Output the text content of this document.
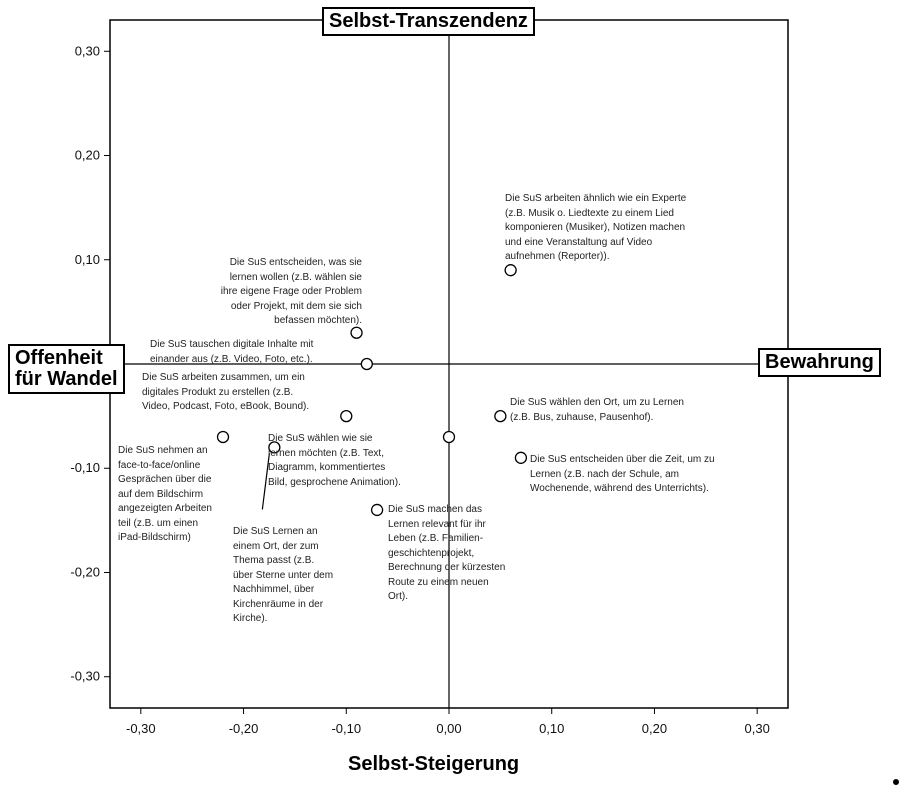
-0,30	-0,20	-0,10	0,00	0,10	0,20	0,30
0,30
0,20
0,10
-0,10
-0,20
-0,30
Selbst-Transzendenz
Offenheit
für Wandel
Bewahrung
Selbst-Steigerung
Die SuS arbeiten ähnlich wie ein Experte
(z.B. Musik o. Liedtexte zu einem Lied
komponieren (Musiker), Notizen machen
und eine Veranstaltung auf Video
aufnehmen (Reporter)).
Die SuS entscheiden, was sie
lernen wollen (z.B. wählen sie
ihre eigene Frage oder Problem
oder Projekt, mit dem sie sich
befassen möchten).
Die SuS tauschen digitale Inhalte mit
einander aus (z.B. Video, Foto, etc.).
Die SuS arbeiten zusammen, um ein
digitales Produkt zu erstellen (z.B.
Video, Podcast, Foto, eBook, Bound).	Die SuS wählen den Ort, um zu Lernen
(z.B. Bus, zuhause, Pausenhof).
Die SuS nehmen an
face-to-face/online
Gesprächen über die
auf dem Bildschirm
angezeigten Arbeiten
teil (z.B. um einen
iPad-Bildschirm)
Die SuS wählen wie sie
lernen möchten (z.B. Text,
Diagramm, kommentiertes
Bild, gesprochene Animation).
Die SuS Lernen an
einem Ort, der zum
Thema passt (z.B.
über Sterne unter dem
Nachhimmel, über
Kirchenräume in der
Kirche).
Die SuS entscheiden über die Zeit, um zu
Lernen (z.B. nach der Schule, am
Wochenende, während des Unterrichts).
Die SuS machen das
Lernen relevant für ihr
Leben (z.B. Familien-
geschichtenprojekt,
Berechnung der kürzesten
Route zu einem neuen
Ort).
